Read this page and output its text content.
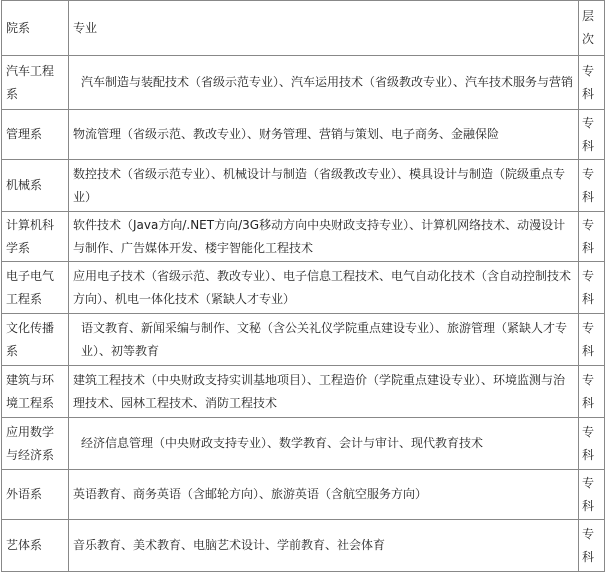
院系	专业	层次
汽车工程系	汽车制造与装配技术（省级示范专业）、汽车运用技术（省级教改专业）、汽车技术服务与营销	专科
管理系	物流管理（省级示范、教改专业）、财务管理、营销与策划、电子商务、金融保险	专科
机械系	数控技术（省级示范专业）、机械设计与制造（省级教改专业）、模具设计与制造（院级重点专业）	专科
计算机科学系	软件技术（Java方向/.NET方向/3G移动方向中央财政支持专业）、计算机网络技术、动漫设计与制作、广告媒体开发、楼宇智能化工程技术	专科
电子电气工程系	应用电子技术（省级示范、教改专业）、电子信息工程技术、电气自动化技术（含自动控制技术方向）、机电一体化技术（紧缺人才专业）	专科
文化传播系	语文教育、新闻采编与制作、文秘（含公关礼仪学院重点建设专业）、旅游管理（紧缺人才专业）、初等教育	专科
建筑与环境工程系	建筑工程技术（中央财政支持实训基地项目）、工程造价（学院重点建设专业）、环境监测与治理技术、园林工程技术、消防工程技术	专科
应用数学与经济系	经济信息管理（中央财政支持专业）、数学教育、会计与审计、现代教育技术	专科
外语系	英语教育、商务英语（含邮轮方向）、旅游英语（含航空服务方向）	专科
艺体系	音乐教育、美术教育、电脑艺术设计、学前教育、社会体育	专科
